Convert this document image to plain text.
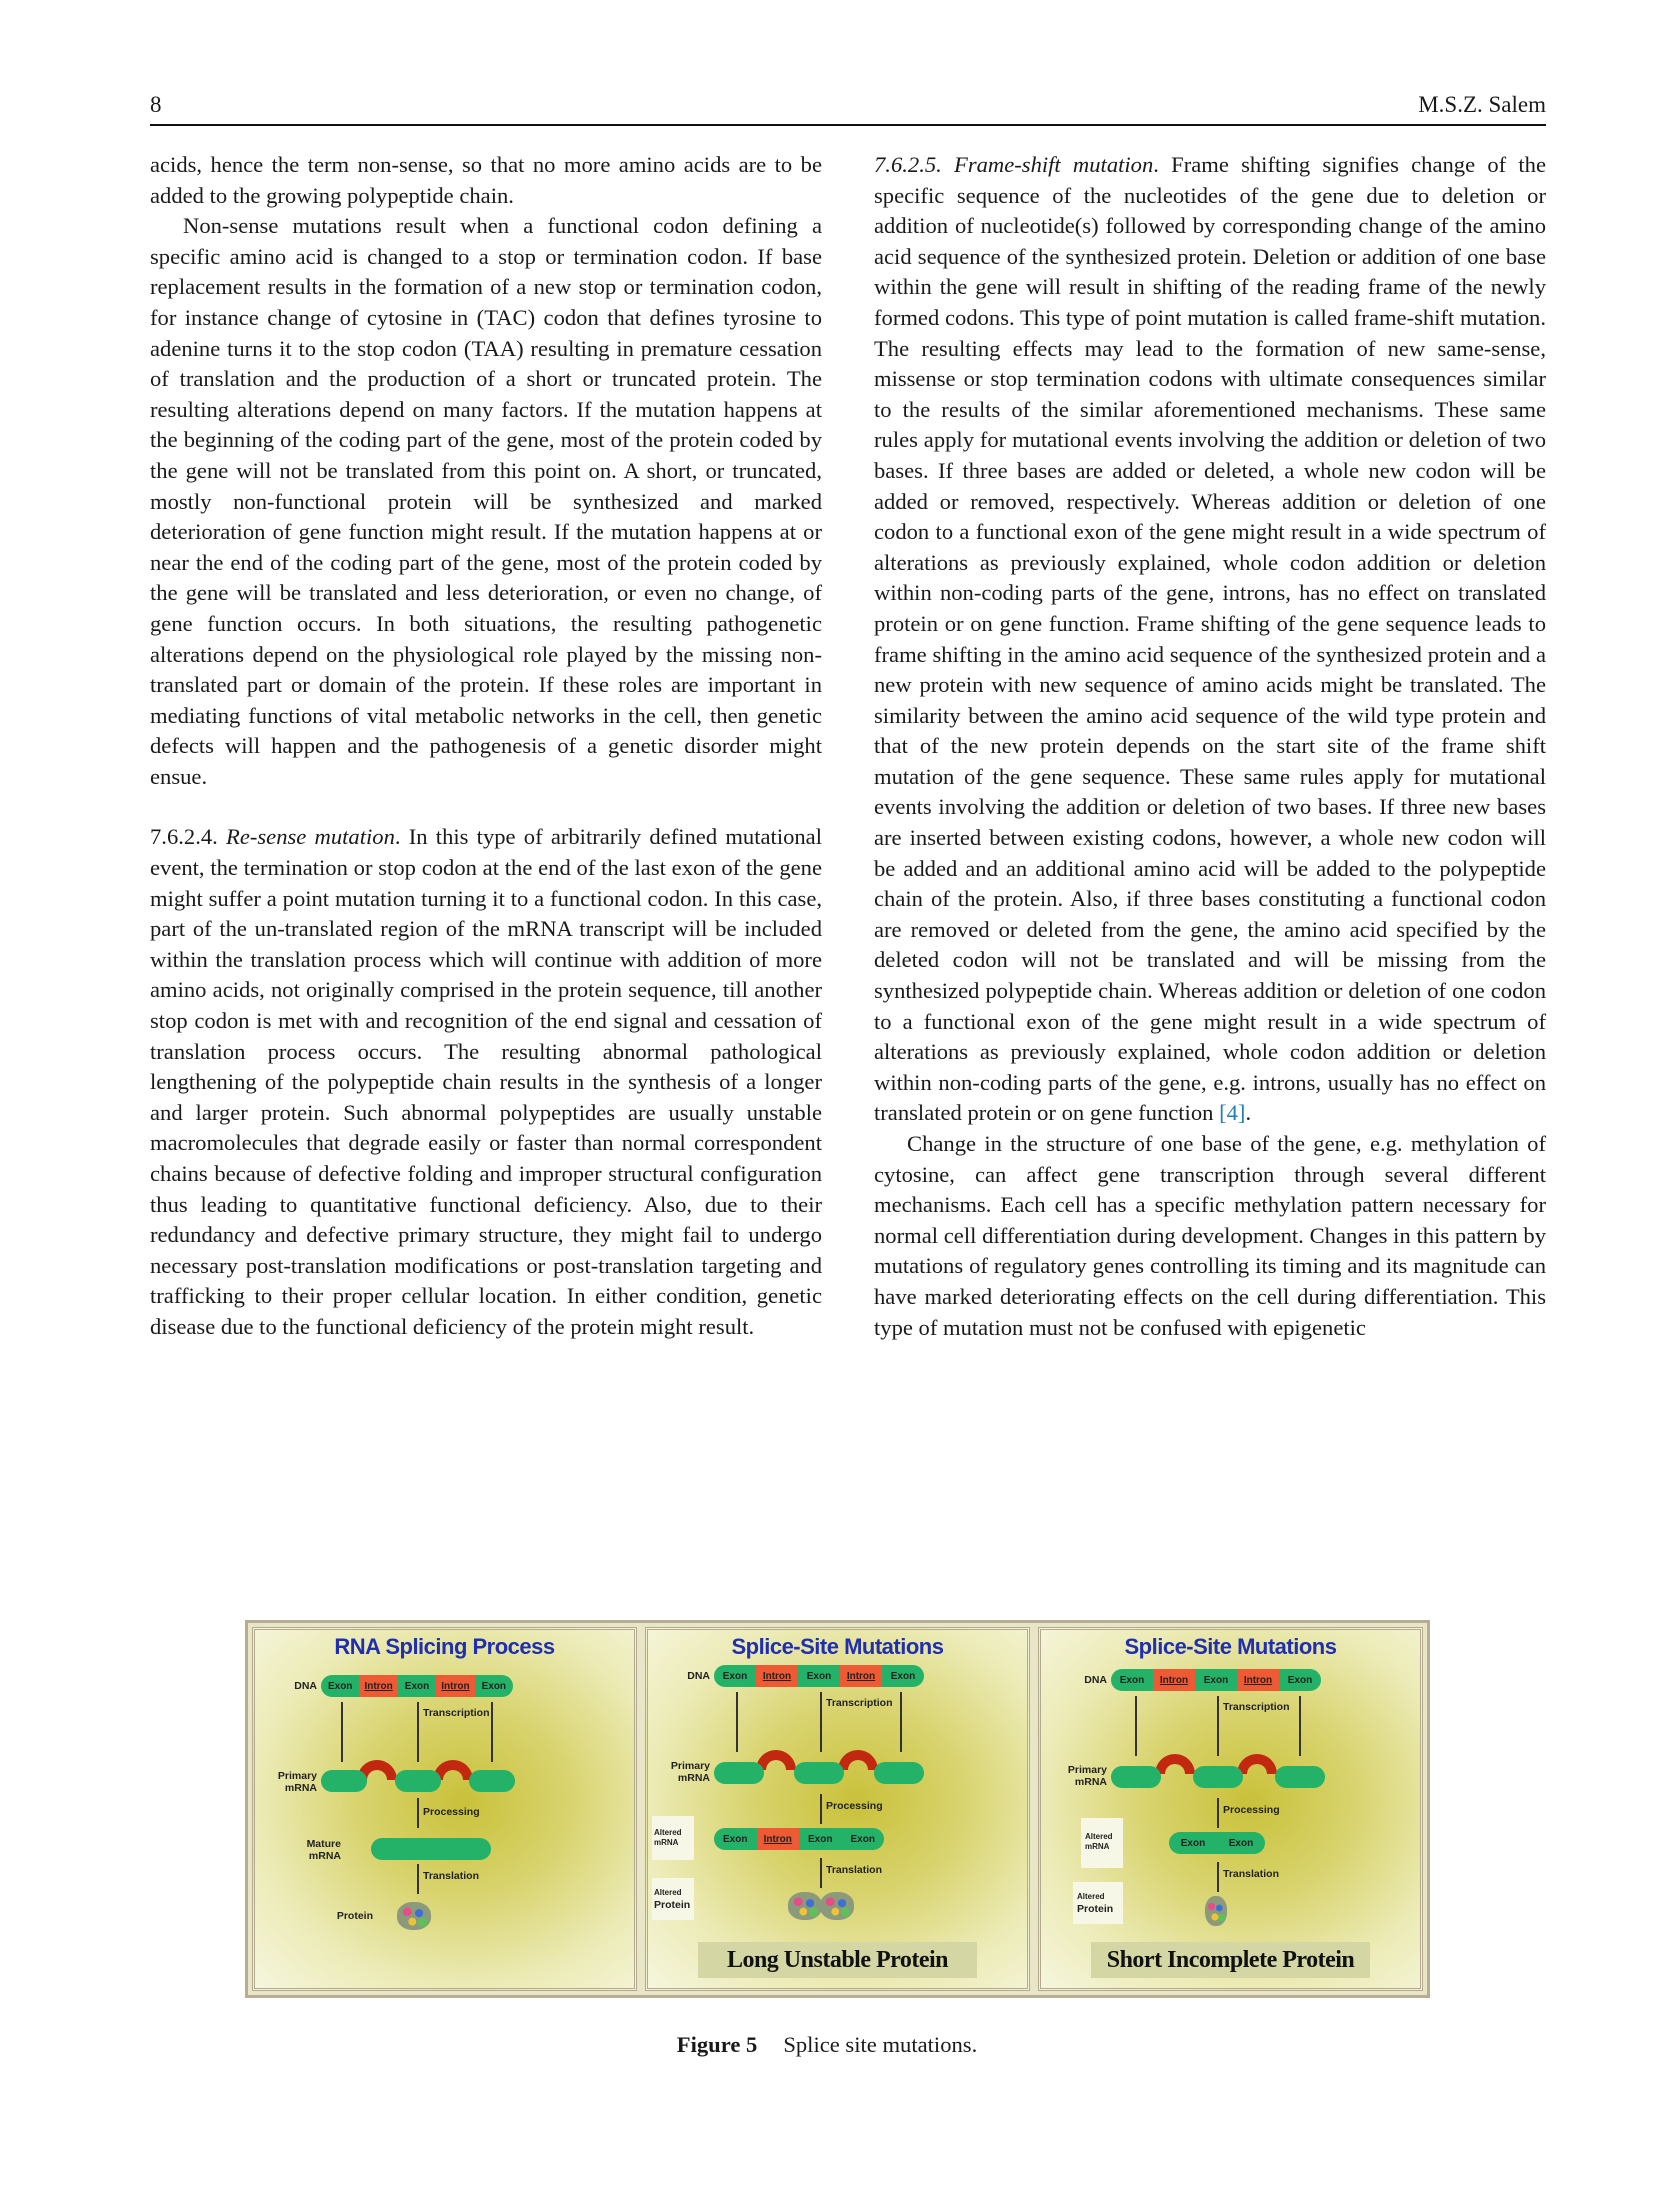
8	M.S.Z. Salem

acids, hence the term non-sense, so that no more amino acids are to be added to the growing polypeptide chain.

Non-sense mutations result when a functional codon defining a specific amino acid is changed to a stop or termination codon. If base replacement results in the formation of a new stop or termination codon, for instance change of cytosine in (TAC) codon that defines tyrosine to adenine turns it to the stop codon (TAA) resulting in premature cessation of translation and the production of a short or truncated protein. The resulting alterations depend on many factors. If the mutation happens at the beginning of the coding part of the gene, most of the protein coded by the gene will not be translated from this point on. A short, or truncated, mostly non-functional protein will be synthesized and marked deterioration of gene function might result. If the mutation happens at or near the end of the coding part of the gene, most of the protein coded by the gene will be translated and less deterioration, or even no change, of gene function occurs. In both situations, the resulting pathogenetic alterations depend on the physiological role played by the missing non-translated part or domain of the protein. If these roles are important in mediating functions of vital metabolic networks in the cell, then genetic defects will happen and the pathogenesis of a genetic disorder might ensue.

7.6.2.4. Re-sense mutation. In this type of arbitrarily defined mutational event, the termination or stop codon at the end of the last exon of the gene might suffer a point mutation turning it to a functional codon. In this case, part of the un-translated region of the mRNA transcript will be included within the translation process which will continue with addition of more amino acids, not originally comprised in the protein sequence, till another stop codon is met with and recognition of the end signal and cessation of translation process occurs. The resulting abnormal pathological lengthening of the polypeptide chain results in the synthesis of a longer and larger protein. Such abnormal polypeptides are usually unstable macromolecules that degrade easily or faster than normal correspondent chains because of defective folding and improper structural configuration thus leading to quantitative functional deficiency. Also, due to their redundancy and defective primary structure, they might fail to undergo necessary post-translation modifications or post-translation targeting and trafficking to their proper cellular location. In either condition, genetic disease due to the functional deficiency of the protein might result.

7.6.2.5. Frame-shift mutation. Frame shifting signifies change of the specific sequence of the nucleotides of the gene due to deletion or addition of nucleotide(s) followed by corresponding change of the amino acid sequence of the synthesized protein. Deletion or addition of one base within the gene will result in shifting of the reading frame of the newly formed codons. This type of point mutation is called frame-shift mutation. The resulting effects may lead to the formation of new same-sense, missense or stop termination codons with ultimate consequences similar to the results of the similar aforementioned mechanisms. These same rules apply for mutational events involving the addition or deletion of two bases. If three bases are added or deleted, a whole new codon will be added or removed, respectively. Whereas addition or deletion of one codon to a functional exon of the gene might result in a wide spectrum of alterations as previously explained, whole codon addition or deletion within non-coding parts of the gene, introns, has no effect on translated protein or on gene function. Frame shifting of the gene sequence leads to frame shifting in the amino acid sequence of the synthesized protein and a new protein with new sequence of amino acids might be translated. The similarity between the amino acid sequence of the wild type protein and that of the new protein depends on the start site of the frame shift mutation of the gene sequence. These same rules apply for mutational events involving the addition or deletion of two bases. If three new bases are inserted between existing codons, however, a whole new codon will be added and an additional amino acid will be added to the polypeptide chain of the protein. Also, if three bases constituting a functional codon are removed or deleted from the gene, the amino acid specified by the deleted codon will not be translated and will be missing from the synthesized polypeptide chain. Whereas addition or deletion of one codon to a functional exon of the gene might result in a wide spectrum of alterations as previously explained, whole codon addition or deletion within non-coding parts of the gene, e.g. introns, usually has no effect on translated protein or on gene function [4].

Change in the structure of one base of the gene, e.g. methylation of cytosine, can affect gene transcription through several different mechanisms. Each cell has a specific methylation pattern necessary for normal cell differentiation during development. Changes in this pattern by mutations of regulatory genes controlling its timing and its magnitude can have marked deteriorating effects on the cell during differentiation. This type of mutation must not be confused with epigenetic

RNA Splicing Process
DNA	Exon	Intron	Exon	Intron	Exon
Transcription
Primary
mRNA
Processing
Mature
mRNA
Translation
Protein
Splice-Site Mutations
DNA	Exon	Intron	Exon	Intron	Exon
Transcription
Primary
mRNA
Processing
Altered
mRNA	Exon	Intron	Exon	Exon
Translation
Altered
Protein
Long Unstable Protein
Splice-Site Mutations
DNA	Exon	Intron	Exon	Intron	Exon
Transcription
Primary
mRNA
Processing
Altered
mRNA	Exon	Exon
Translation
Altered
Protein
Short Incomplete Protein
Figure 5 Splice site mutations.
